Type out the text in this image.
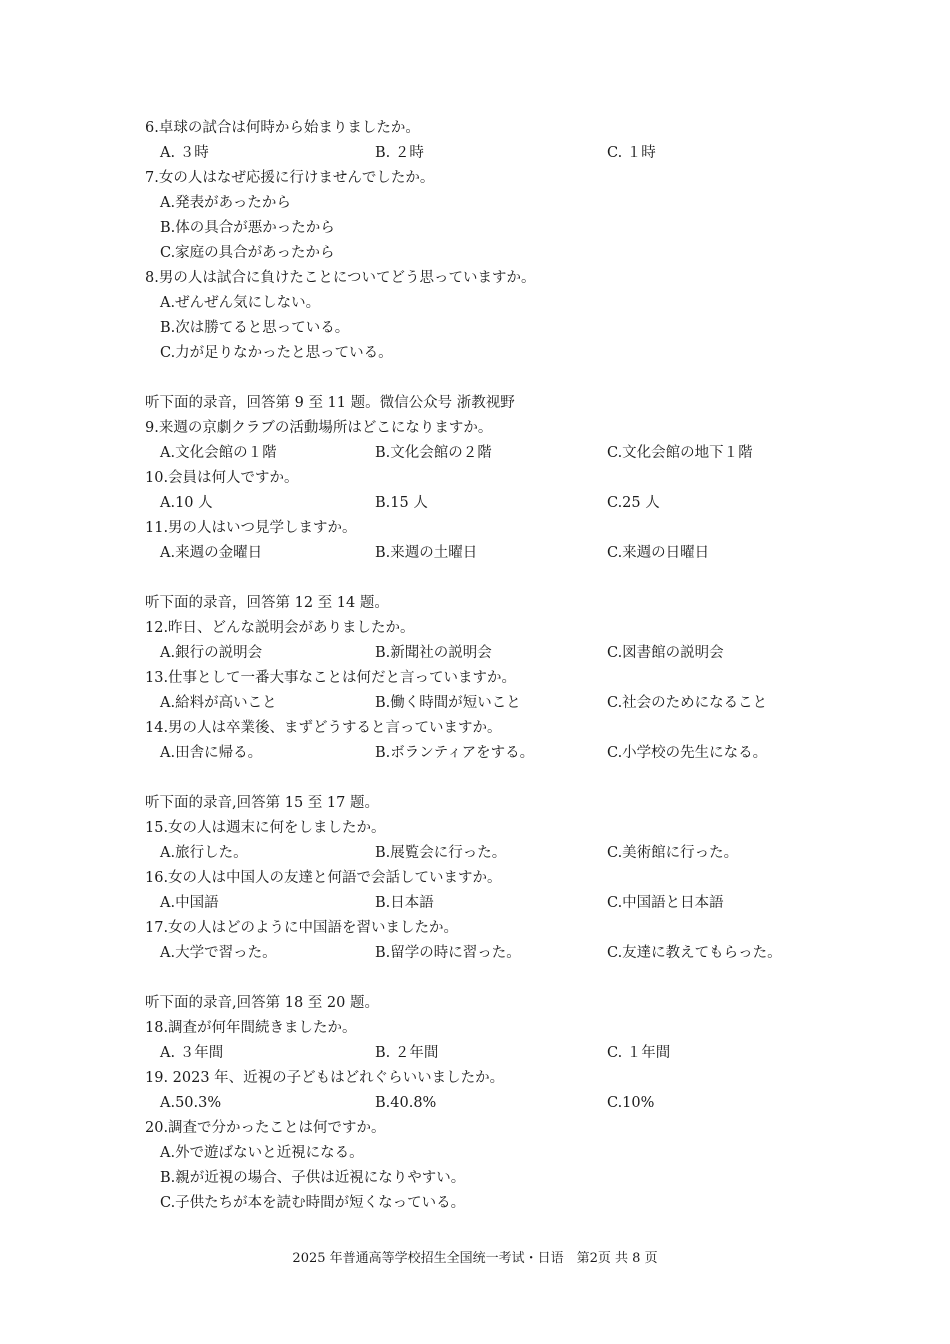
6.卓球の試合は何時から始まりましたか。
A. ３時	B. ２時	C. １時
7.女の人はなぜ応援に行けませんでしたか。
A.発表があったから
B.体の具合が悪かったから
C.家庭の具合があったから
8.男の人は試合に負けたことについてどう思っていますか。
A.ぜんぜん気にしない。
B.次は勝てると思っている。
C.力が足りなかったと思っている。
听下面的录音，回答第 9 至 11 题。微信公众号 浙教视野
9.来週の京劇クラブの活動場所はどこになりますか。
A.文化会館の１階	B.文化会館の２階	C.文化会館の地下１階
10.会員は何人ですか。
A.10 人	B.15 人	C.25 人
11.男の人はいつ見学しますか。
A.来週の金曜日	B.来週の土曜日	C.来週の日曜日
听下面的录音，回答第 12 至 14 题。
12.昨日、どんな説明会がありましたか。
A.銀行の説明会	B.新聞社の説明会	C.図書館の説明会
13.仕事として一番大事なことは何だと言っていますか。
A.給料が高いこと	B.働く時間が短いこと	C.社会のためになること
14.男の人は卒業後、まずどうすると言っていますか。
A.田舎に帰る。	B.ボランティアをする。	C.小学校の先生になる。
听下面的录音,回答第 15 至 17 题。
15.女の人は週末に何をしましたか。
A.旅行した。	B.展覧会に行った。	C.美術館に行った。
16.女の人は中国人の友達と何語で会話していますか。
A.中国語	B.日本語	C.中国語と日本語
17.女の人はどのように中国語を習いましたか。
A.大学で習った。	B.留学の時に習った。	C.友達に教えてもらった。
听下面的录音,回答第 18 至 20 题。
18.調査が何年間続きましたか。
A. ３年間	B. ２年間	C. １年間
19. 2023 年、近視の子どもはどれぐらいいましたか。
A.50.3%	B.40.8%	C.10%
20.調査で分かったことは何ですか。
A.外で遊ばないと近視になる。
B.親が近視の場合、子供は近視になりやすい。
C.子供たちが本を読む時間が短くなっている。
2025 年普通高等学校招生全国统一考试・日语　第2页 共 8 页
